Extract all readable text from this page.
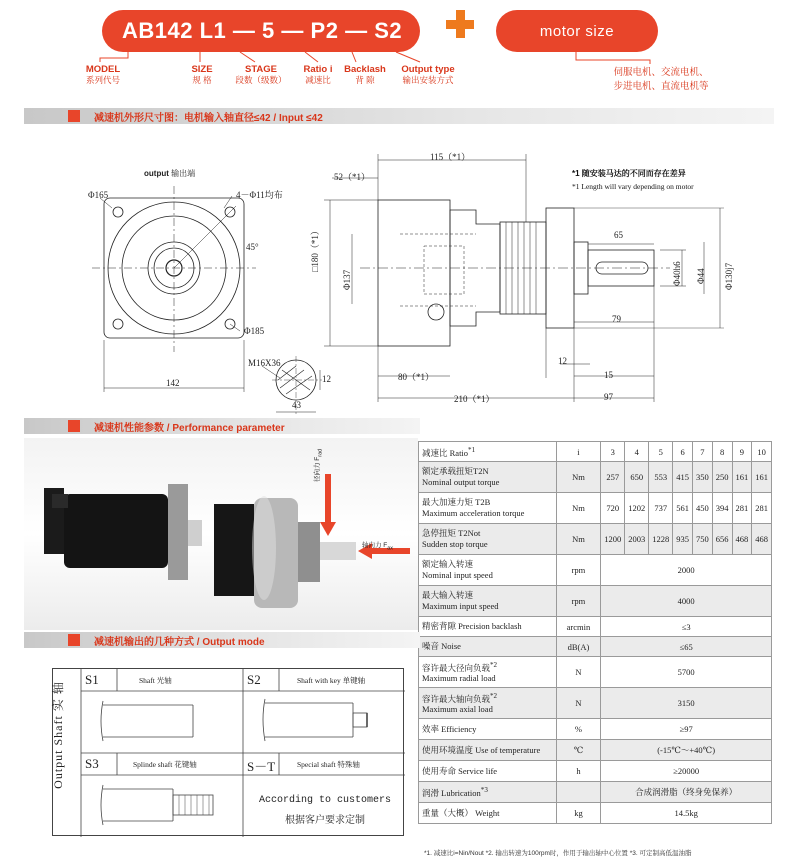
AB142
L1
—
5
—
P2
—
S2	motor size
MODEL
系列代号
SIZE
规 格
STAGE
段数（级数）
Ratio i
减速比
Backlash
背 隙
Output type
输出安装方式
伺服电机、交流电机、
步进电机、直流电机等
减速机外形尺寸图：电机输入轴直径≤42 / Input ≤42
output 输出端
Φ165	4－Φ11均布
45°
Φ185
142
M16X36
12
43
115（*1）
52（*1）
□180（*1）
Φ137
65
Φ40h6 Φ44 Φ130j7
79
12
80（*1）	15
210（*1）	97
*1 随安装马达的不同而存在差异
*1 Length will vary depending on motor
减速机性能参数 / Performance parameter
径向力 $F_{rad}$
轴向力 $F_{ax}$
减速比 Ratio$^{*1}$	i	3	4	5	6	7	8	9	10

额定承载扭矩T2N
Nominal output torque	Nm	257	650	553	415	350	250	161	161

最大加速力矩 T2B
Maximum acceleration torque	Nm	720	1202	737	561	450	394	281	281

急停扭矩 T2Not
Sudden stop torque	Nm	1200	2003	1228	935	750	656	468	468

额定输入转速
Nominal input speed	rpm	2000							

最大输入转速
Maximum input speed	rpm	4000							
精密背隙 Precision backlash	arcmin	≤3							
噪音 Noise	dB(A)	≤65							

容许最大径向负载$^{*2}$
Maximum radial load	N	5700							

容许最大轴向负载$^{*2}$
Maximum axial load	N	3150							
效率 Efficiency	%	≥97							
使用环境温度 Use of temperature	℃	(-15℃～+40℃)							
使用寿命 Service life	h	≥20000							
润滑 Lubrication$^{*3}$		合成润滑脂（终身免保养）							
重量（大概） Weight	kg	14.5kg							
*1. 减速比i=Nin/Nout *2. 输出转速为100rpm时，作用于输出轴中心位置 *3. 可定制高低温油脂
减速机输出的几种方式 / Output mode
Output Shaft 实 轴
S1	Shaft 光轴	S2	Shaft with key 单键轴
S3	Splinde shaft 花键轴	S－T	Special shaft 特殊轴
According to customers
根据客户要求定制
